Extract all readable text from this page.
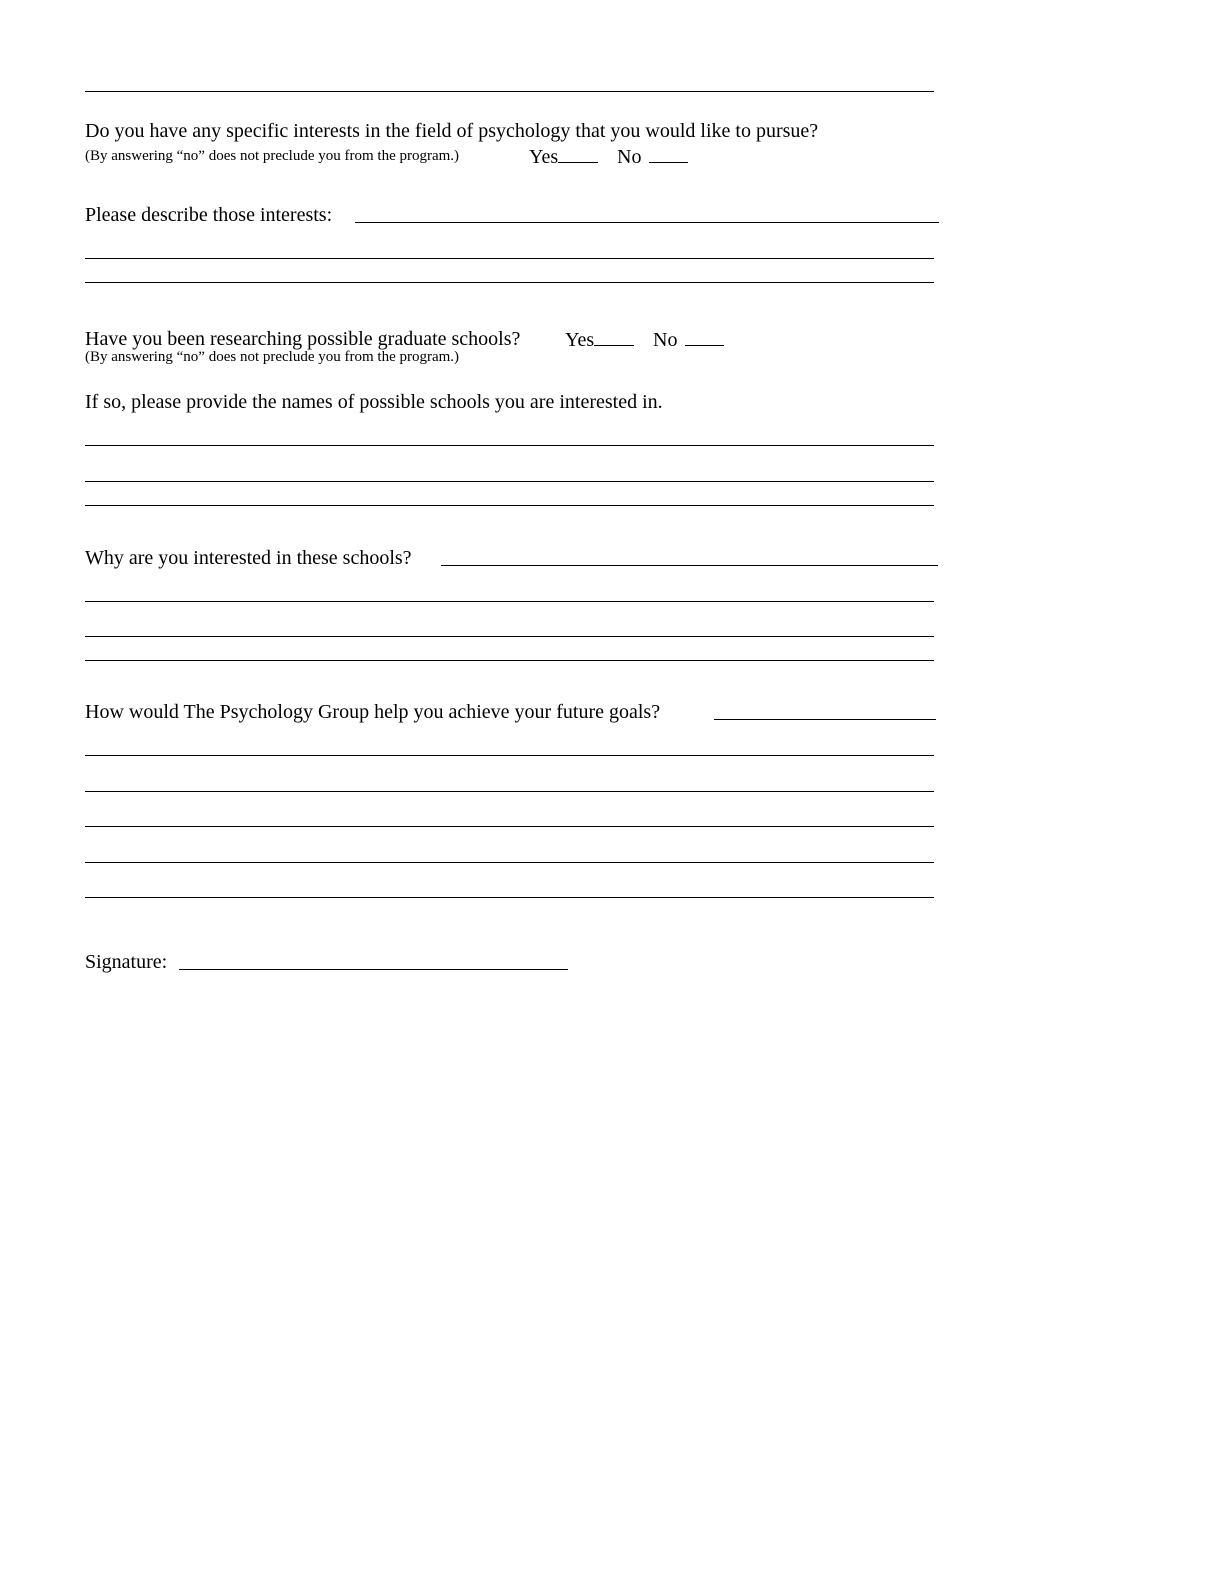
Do you have any specific interests in the field of psychology that you would like to pursue?
(By answering “no” does not preclude you from the program.)	Yes	No
Please describe those interests:
Have you been researching possible graduate schools? Yes	No
(By answering “no” does not preclude you from the program.)
If so, please provide the names of possible schools you are interested in.
Why are you interested in these schools?
How would The Psychology Group help you achieve your future goals?
Signature:
